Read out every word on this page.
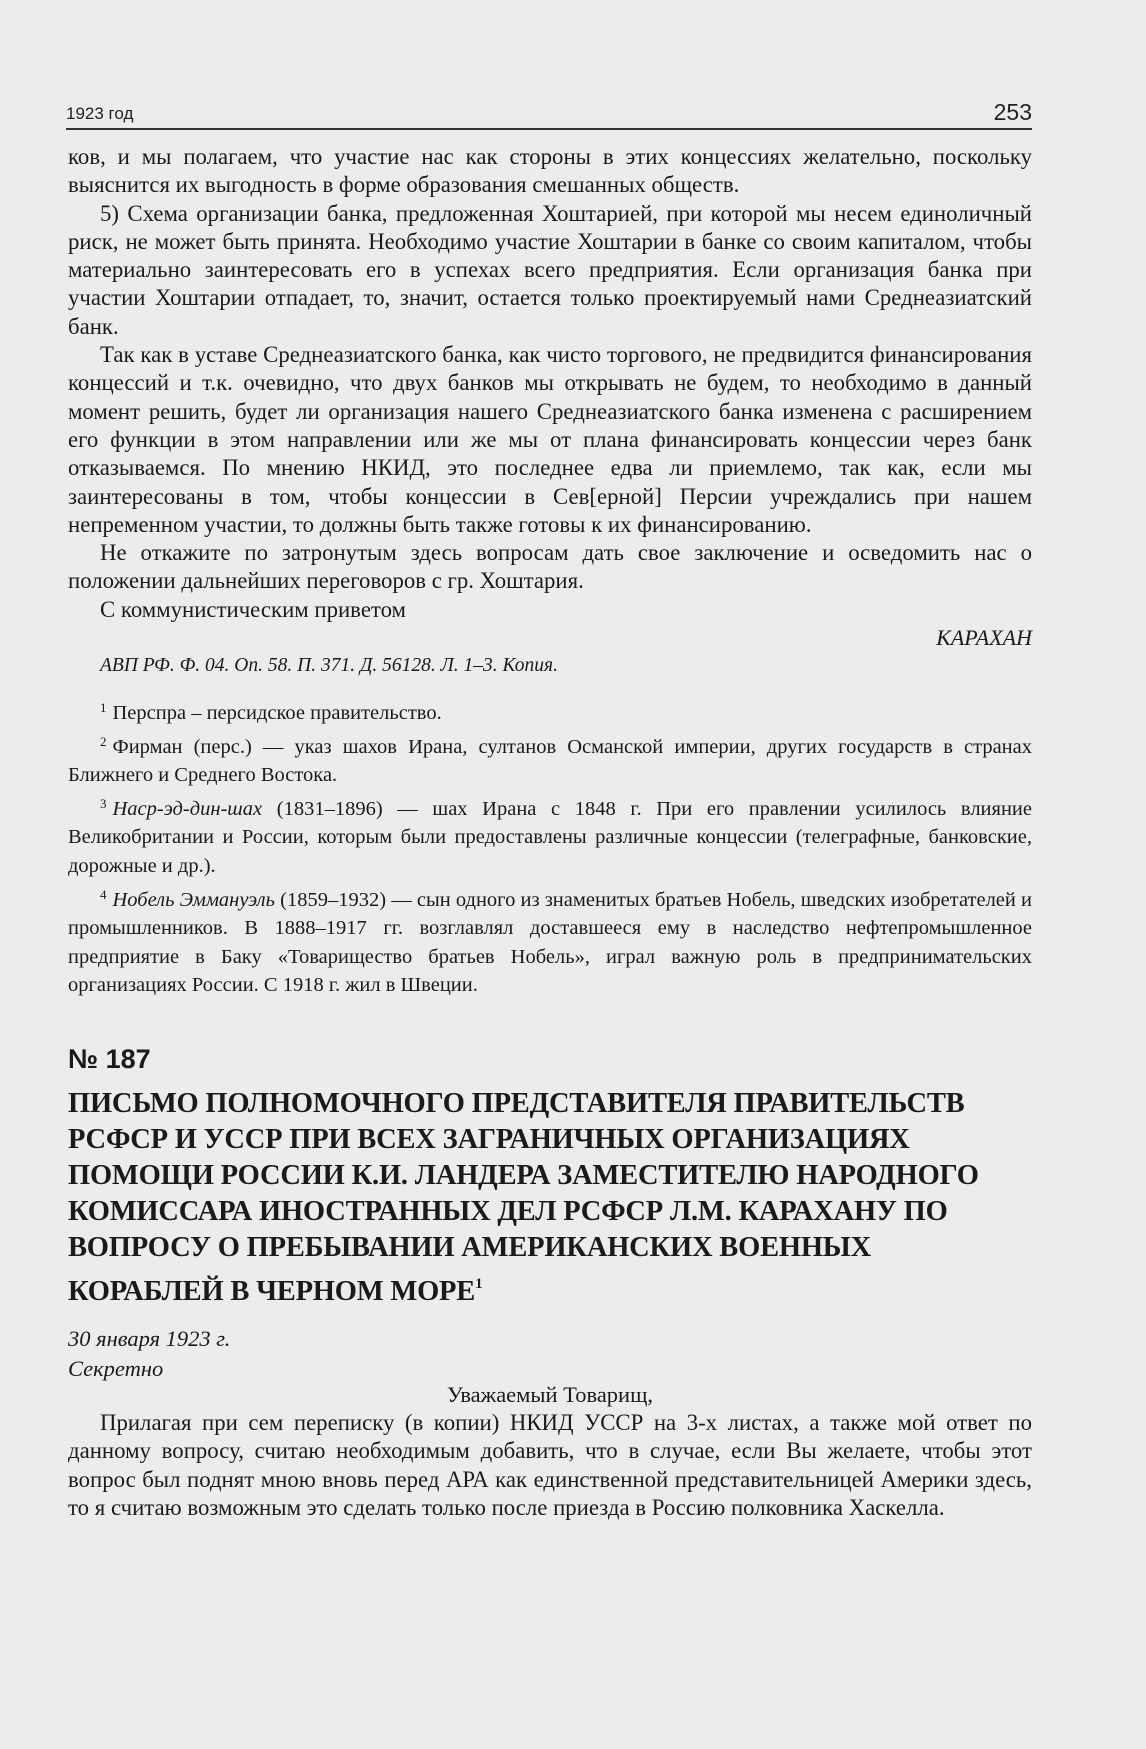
1923 год	253

ков, и мы полагаем, что участие нас как стороны в этих концессиях желательно, поскольку выяснится их выгодность в форме образования смешанных обществ.

5) Схема организации банка, предложенная Хоштарией, при которой мы несем единоличный риск, не может быть принята. Необходимо участие Хоштарии в банке со своим капиталом, чтобы материально заинтересовать его в успехах всего предприятия. Если организация банка при участии Хоштарии отпадает, то, значит, остается только проектируемый нами Среднеазиатский банк.

Так как в уставе Среднеазиатского банка, как чисто торгового, не предвидится финансирования концессий и т.к. очевидно, что двух банков мы открывать не будем, то необходимо в данный момент решить, будет ли организация нашего Среднеазиатского банка изменена с расширением его функции в этом направлении или же мы от плана финансировать концессии через банк отказываемся. По мнению НКИД, это последнее едва ли приемлемо, так как, если мы заинтересованы в том, чтобы концессии в Сев[ерной] Персии учреждались при нашем непременном участии, то должны быть также готовы к их финансированию.

Не откажите по затронутым здесь вопросам дать свое заключение и осведомить нас о положении дальнейших переговоров с гр. Хоштария.

С коммунистическим приветом

КАРАХАН

АВП РФ. Ф. 04. Оп. 58. П. 371. Д. 56128. Л. 1–3. Копия.

$^1$ Перспра – персидское правительство.

$^2$ Фирман (перс.) — указ шахов Ирана, султанов Османской империи, других государств в странах Ближнего и Среднего Востока.

$^3$ Наср-эд-дин-шах (1831–1896) — шах Ирана с 1848 г. При его правлении усилилось влияние Великобритании и России, которым были предоставлены различные концессии (телеграфные, банковские, дорожные и др.).

$^4$ Нобель Эммануэль (1859–1932) — сын одного из знаменитых братьев Нобель, шведских изобретателей и промышленников. В 1888–1917 гг. возглавлял доставшееся ему в наследство нефтепромышленное предприятие в Баку «Товарищество братьев Нобель», играл важную роль в предпринимательских организациях России. С 1918 г. жил в Швеции.

№ 187
ПИСЬМО ПОЛНОМОЧНОГО ПРЕДСТАВИТЕЛЯ ПРАВИТЕЛЬСТВ РСФСР И УССР ПРИ ВСЕХ ЗАГРАНИЧНЫХ ОРГАНИЗАЦИЯХ ПОМОЩИ РОССИИ К.И. ЛАНДЕРА ЗАМЕСТИТЕЛЮ НАРОДНОГО КОМИССАРА ИНОСТРАННЫХ ДЕЛ РСФСР Л.М. КАРАХАНУ ПО ВОПРОСУ О ПРЕБЫВАНИИ АМЕРИКАНСКИХ ВОЕННЫХ КОРАБЛЕЙ В ЧЕРНОМ МОРЕ$^1$
30 января 1923 г.
Секретно

Уважаемый Товарищ,

Прилагая при сем переписку (в копии) НКИД УССР на 3-х листах, а также мой ответ по данному вопросу, считаю необходимым добавить, что в случае, если Вы желаете, чтобы этот вопрос был поднят мною вновь перед АРА как единственной представительницей Америки здесь, то я считаю возможным это сделать только после приезда в Россию полковника Хаскелла.
